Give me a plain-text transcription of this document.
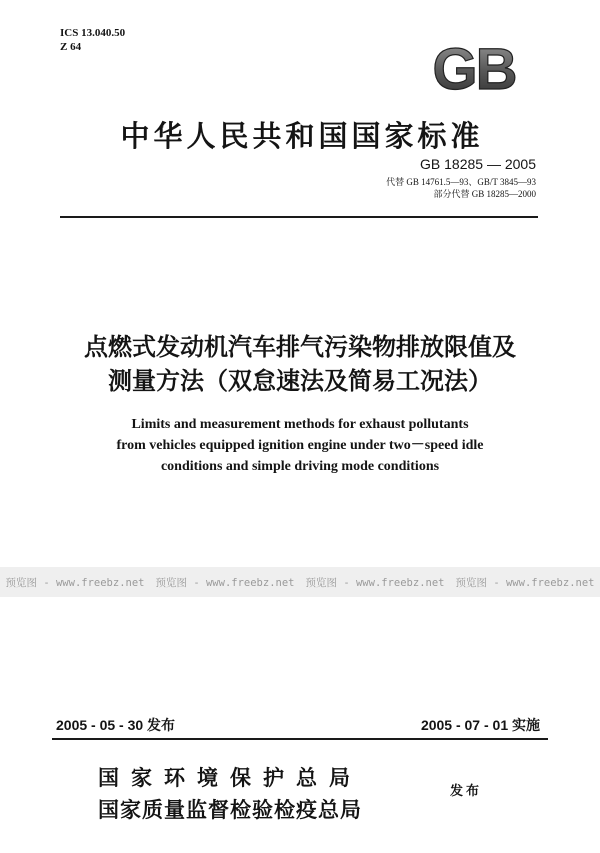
ICS 13.040.50
Z 64	GB
中华人民共和国国家标准
GB 18285 — 2005
代替 GB 14761.5—93、GB/T 3845—93
部分代替 GB 18285—2000
点燃式发动机汽车排气污染物排放限值及
测量方法（双怠速法及简易工况法）
Limits and measurement methods for exhaust pollutants
from vehicles equipped ignition engine under two－speed idle
conditions and simple driving mode conditions
预览图 - www.freebz.net 预览图 - www.freebz.net 预览图 - www.freebz.net 预览图 - www.freebz.net
2005 - 05 - 30 发布	2005 - 07 - 01 实施
国家环境保护总局
国家质量监督检验检疫总局
发布
